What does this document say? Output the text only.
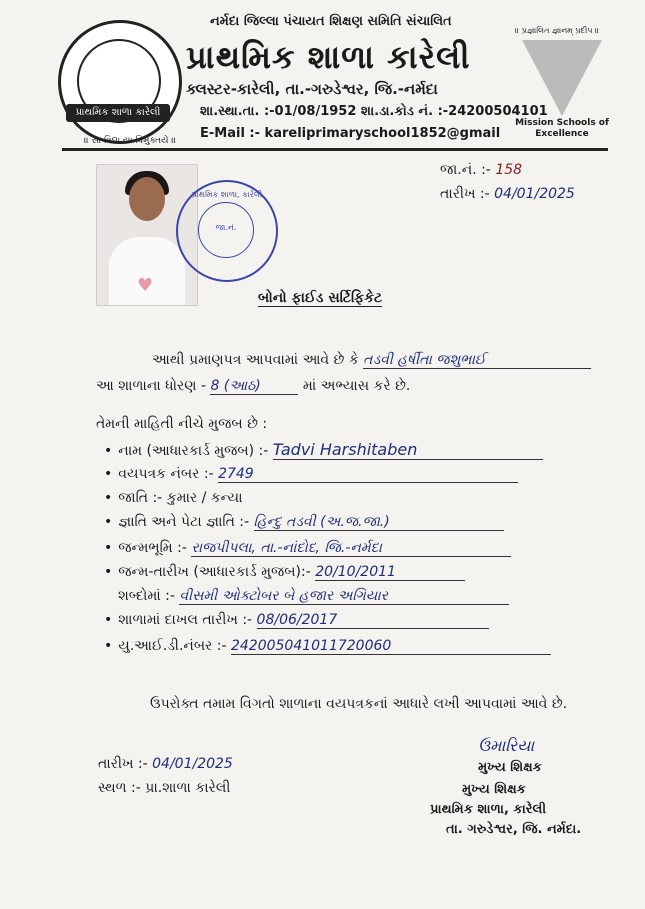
પ્રાથમિક શાળા કારેલી
॥ સા વિદ્યા યા વિમુક્તયે ॥
નર્મદા જિલ્લા પંચાયત શિક્ષણ સમિતિ સંચાલિત
પ્રાથમિક શાળા કારેલી
ક્લસ્ટર-કારેલી, તા.-ગરુડેશ્વર, જિ.-નર્મદા
શા.સ્થા.તા. :-01/08/1952 શા.ડા.કોડ નં. :-24200504101
E-Mail :- kareliprimaryschool1852@gmail
॥ પ્રજ્ઞાલિત જ્ઞાનમ્ પ્રદીપ ॥
Mission Schools of Excellence
જા.નં. :- 158
તારીખ :- 04/01/2025
♥
પ્રાથમિક શાળા, કારેલી
જા.નં.
બોનો ફાઈડ સર્ટિફિકેટ
આથી પ્રમાણપત્ર આપવામાં આવે છે કે તડવી હર્ષીતા જશુભાઈ
આ શાળાના ધોરણ - 8 (આઠ)	માં અભ્યાસ કરે છે.
તેમની માહિતી નીચે મુજબ છે :
• નામ (આધારકાર્ડ મુજબ) :- Tadvi Harshitaben
• વયપત્રક નંબર :- 2749
• જાતિ :- કુમાર / કન્યા
• જ્ઞાતિ અને પેટા જ્ઞાતિ :- હિન્દુ તડવી (અ.જ.જા.)
• જન્મભૂમિ :- રાજપીપલા, તા.-નાંદોદ, જિ.-નર્મદા
• જન્મ-તારીખ (આધારકાર્ડ મુજબ):- 20/10/2011
શબ્દોમાં :- વીસમી ઓક્ટોબર બે હજાર અગિયાર
• શાળામાં દાખલ તારીખ :- 08/06/2017
• યુ.આઈ.ડી.નંબર :- 242005041011720060
ઉપરોક્ત તમામ વિગતો શાળાના વયપત્રકનાં આધારે લખી આપવામાં આવે છે.
તારીખ :- 04/01/2025
સ્થળ :- પ્રા.શાળા કારેલી
ઉમારિયા
મુખ્ય શિક્ષક
મુખ્ય શિક્ષક
પ્રાથમિક શાળા, કારેલી
તા. ગરુડેશ્વર, જિ. નર્મદા.
